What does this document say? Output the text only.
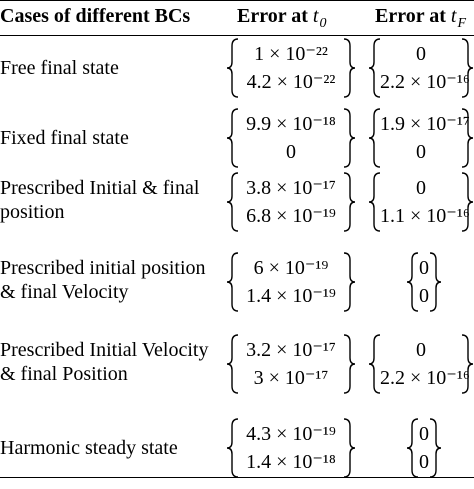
Cases of different BCs Error at $t_0$ Error at $t_F$
Free final state
1 × 10⁻²²
4.2 × 10⁻²²
0
2.2 × 10⁻¹⁶
Fixed final state
9.9 × 10⁻¹⁸
0
1.9 × 10⁻¹⁷
0
Prescribed Initial & final
position
3.8 × 10⁻¹⁷
6.8 × 10⁻¹⁹
0
1.1 × 10⁻¹⁶
Prescribed initial position
& final Velocity
6 × 10⁻¹⁹
1.4 × 10⁻¹⁹
0
0
Prescribed Initial Velocity
& final Position
3.2 × 10⁻¹⁷
3 × 10⁻¹⁷
0
2.2 × 10⁻¹⁶
Harmonic steady state
4.3 × 10⁻¹⁹
1.4 × 10⁻¹⁸
0
0
